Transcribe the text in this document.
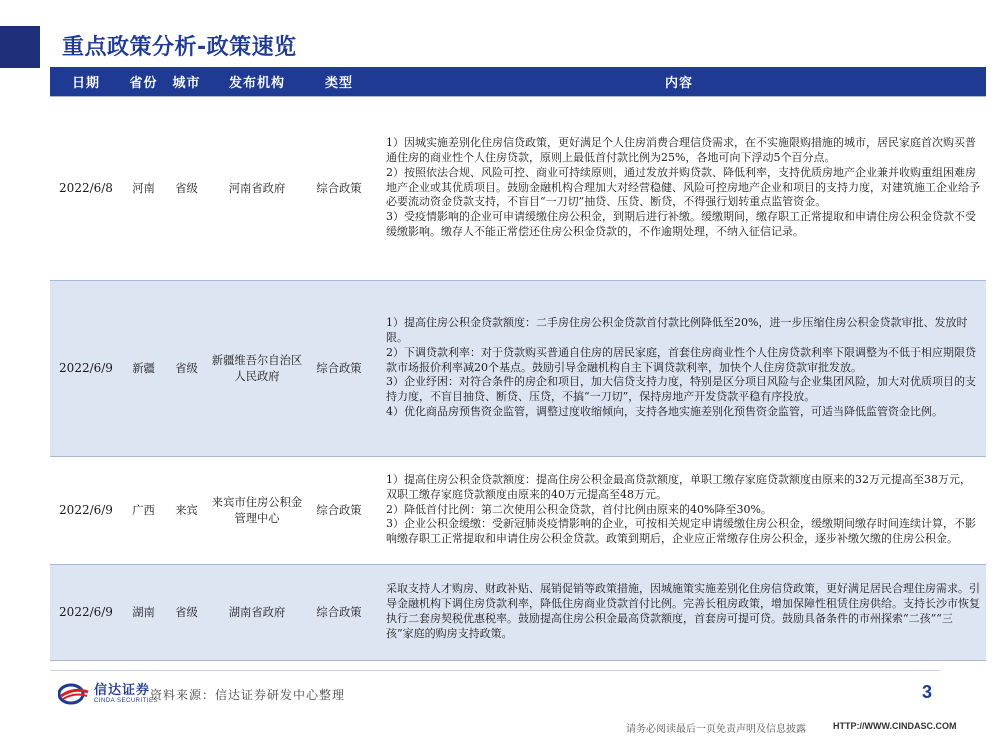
重点政策分析-政策速览
日期	省份	城市	发布机构	类型	内容
2022/6/8	河南	省级	河南省政府	综合政策	1）因城实施差别化住房信贷政策，更好满足个人住房消费合理信贷需求，在不实施限购措施的城市，居民家庭首次购买普通住房的商业性个人住房贷款，原则上最低首付款比例为25%，各地可向下浮动5个百分点。

2）按照依法合规、风险可控、商业可持续原则，通过发放并购贷款、降低利率，支持优质房地产企业兼并收购重组困难房地产企业或其优质项目。鼓励金融机构合理加大对经营稳健、风险可控房地产企业和项目的支持力度，对建筑施工企业给予必要流动资金贷款支持，不盲目“一刀切”抽贷、压贷、断贷，不得强行划转重点监管资金。

3）受疫情影响的企业可申请缓缴住房公积金，到期后进行补缴。缓缴期间，缴存职工正常提取和申请住房公积金贷款不受缓缴影响。缴存人不能正常偿还住房公积金贷款的，不作逾期处理，不纳入征信记录。

2022/6/9	新疆	省级	新疆维吾尔自治区人民政府	综合政策	1）提高住房公积金贷款额度：二手房住房公积金贷款首付款比例降低至20%，进一步压缩住房公积金贷款审批、发放时限。

2）下调贷款利率：对于贷款购买普通自住房的居民家庭，首套住房商业性个人住房贷款利率下限调整为不低于相应期限贷款市场报价利率减20个基点。鼓励引导金融机构自主下调贷款利率，加快个人住房贷款审批发放。

3）企业纾困：对符合条件的房企和项目，加大信贷支持力度，特别是区分项目风险与企业集团风险，加大对优质项目的支持力度，不盲目抽贷、断贷、压贷，不搞“一刀切”，保持房地产开发贷款平稳有序投放。

4）优化商品房预售资金监管，调整过度收缩倾向，支持各地实施差别化预售资金监管，可适当降低监管资金比例。

2022/6/9	广西	来宾	来宾市住房公积金管理中心	综合政策	1）提高住房公积金贷款额度：提高住房公积金最高贷款额度，单职工缴存家庭贷款额度由原来的32万元提高至38万元，双职工缴存家庭贷款额度由原来的40万元提高至48万元。

2）降低首付比例：第二次使用公积金贷款，首付比例由原来的40%降至30%。

3）企业公积金缓缴：受新冠肺炎疫情影响的企业，可按相关规定申请缓缴住房公积金，缓缴期间缴存时间连续计算，不影响缴存职工正常提取和申请住房公积金贷款。政策到期后，企业应正常缴存住房公积金，逐步补缴欠缴的住房公积金。

2022/6/9	湖南	省级	湖南省政府	综合政策	采取支持人才购房、财政补贴、展销促销等政策措施，因城施策实施差别化住房信贷政策，更好满足居民合理住房需求。引导金融机构下调住房贷款利率，降低住房商业贷款首付比例。完善长租房政策，增加保障性租赁住房供给。支持长沙市恢复执行二套房契税优惠税率。鼓励提高住房公积金最高贷款额度，首套房可提可贷。鼓励具备条件的市州探索“二孩”“三孩”家庭的购房支持政策。

信达证券
CINDA SECURITIES
资料来源：信达证券研发中心整理	3
请务必阅读最后一页免责声明及信息披露	HTTP://WWW.CINDASC.COM
